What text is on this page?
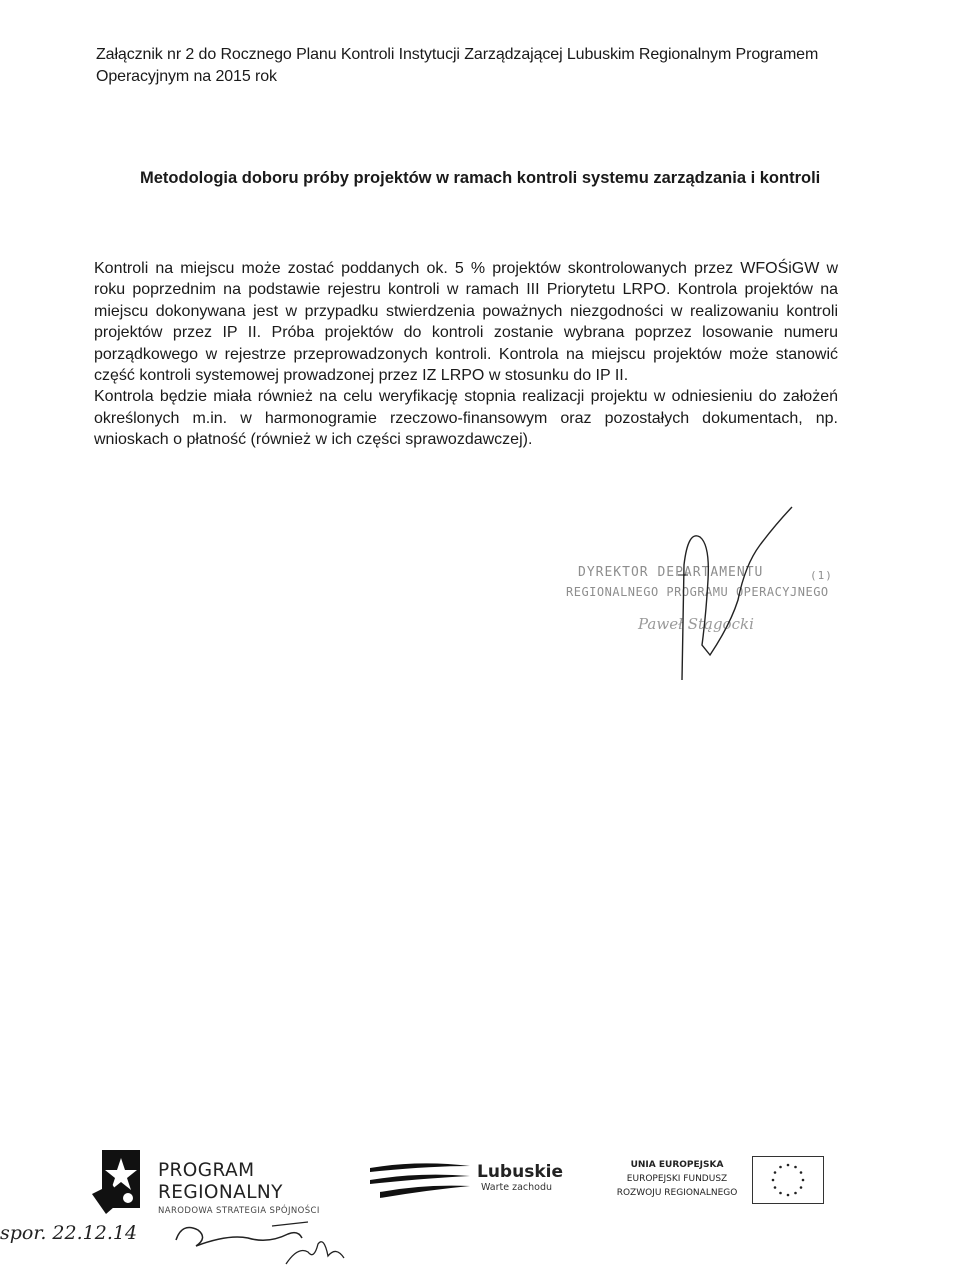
Załącznik nr 2 do Rocznego Planu Kontroli Instytucji Zarządzającej Lubuskim Regionalnym Programem
Operacyjnym na 2015 rok
Metodologia doboru próby projektów w ramach kontroli systemu zarządzania i kontroli

Kontroli na miejscu może zostać poddanych ok. 5 % projektów skontrolowanych przez WFOŚiGW w roku poprzednim na podstawie rejestru kontroli w ramach III Priorytetu LRPO. Kontrola projektów na miejscu dokonywana jest w przypadku stwierdzenia poważnych niezgodności w realizowaniu kontroli projektów przez IP II. Próba projektów do kontroli zostanie wybrana poprzez losowanie numeru porządkowego w rejestrze przeprowadzonych kontroli. Kontrola na miejscu projektów może stanowić część kontroli systemowej prowadzonej przez IZ LRPO w stosunku do IP II.

Kontrola będzie miała również na celu weryfikację stopnia realizacji projektu w odniesieniu do założeń określonych m.in. w harmonogramie rzeczowo-finansowym oraz pozostałych dokumentach, np. wnioskach o płatność (również w ich części sprawozdawczej).

DYREKTOR DEPARTAMENTU	(1)
REGIONALNEGO PROGRAMU OPERACYJNEGO
Paweł Stągocki
PROGRAM
REGIONALNY
NARODOWA STRATEGIA SPÓJNOŚCI
Lubuskie
Warte zachodu
UNIA EUROPEJSKA
EUROPEJSKI FUNDUSZ
ROZWOJU REGIONALNEGO
spor. 22.12.14
